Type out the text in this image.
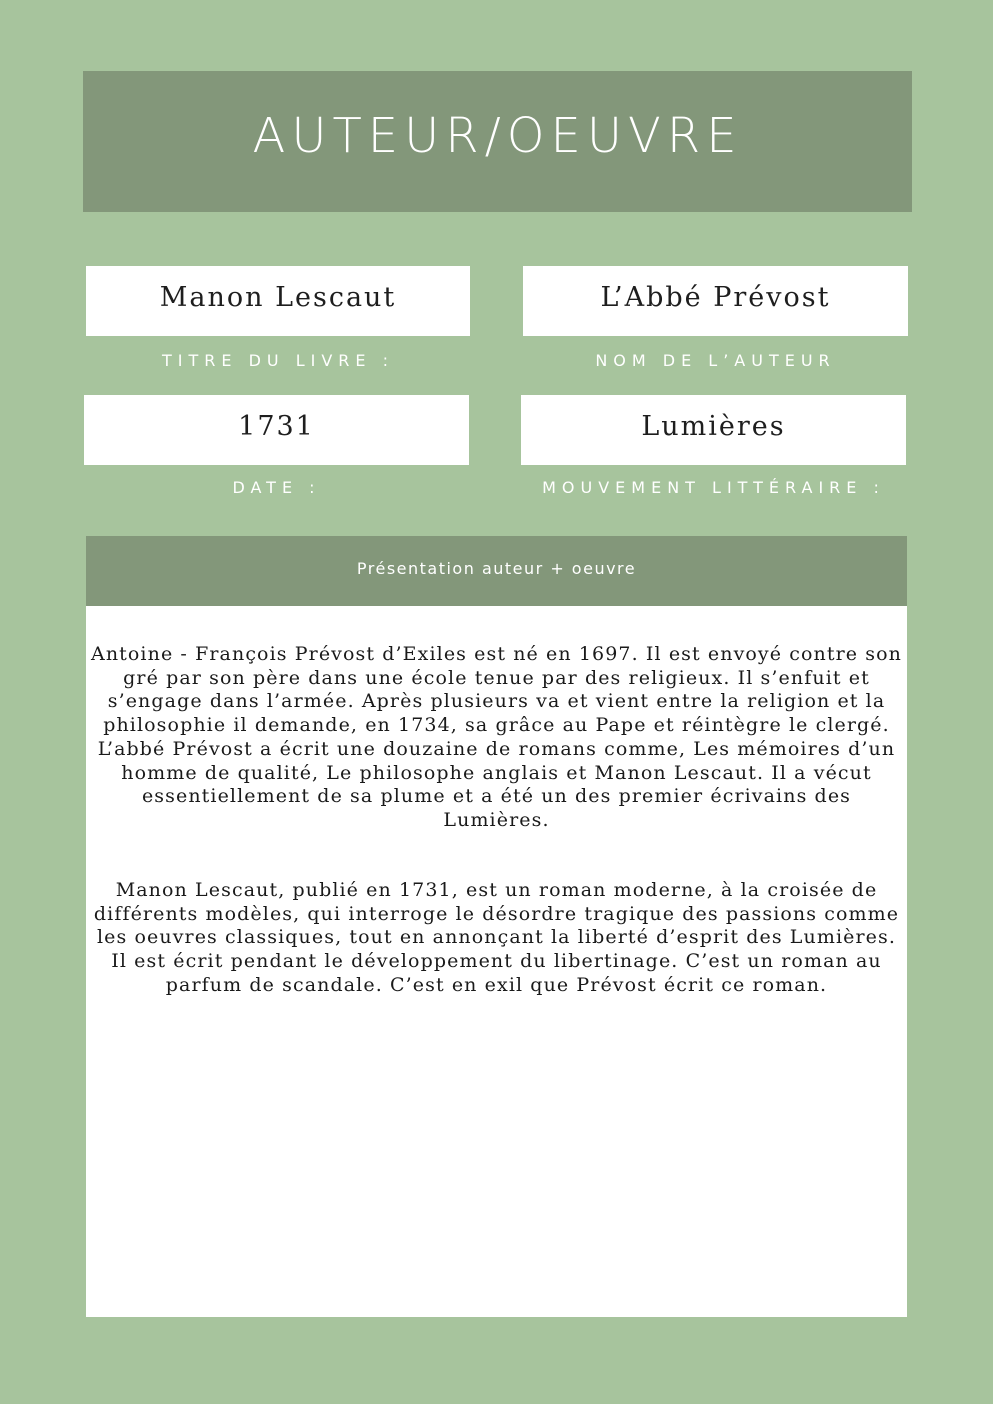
AUTEUR/OEUVRE
Manon Lescaut
TITRE DU LIVRE :
L’Abbé Prévost
NOM DE L’AUTEUR
1731
DATE :
Lumières
MOUVEMENT LITTÉRAIRE :
Présentation auteur + oeuvre
Antoine - François Prévost d’Exiles est né en 1697. Il est envoyé contre son gré par son père dans une école tenue par des religieux. Il s’enfuit et s’engage dans l’armée. Après plusieurs va et vient entre la religion et la philosophie il demande, en 1734, sa grâce au Pape et réintègre le clergé. L’abbé Prévost a écrit une douzaine de romans comme, Les mémoires d’un homme de qualité, Le philosophe anglais et Manon Lescaut. Il a vécut essentiellement de sa plume et a été un des premier écrivains des Lumières.
Manon Lescaut, publié en 1731, est un roman moderne, à la croisée de différents modèles, qui interroge le désordre tragique des passions comme les oeuvres classiques, tout en annonçant la liberté d’esprit des Lumières. Il est écrit pendant le développement du libertinage. C’est un roman au parfum de scandale. C’est en exil que Prévost écrit ce roman.
